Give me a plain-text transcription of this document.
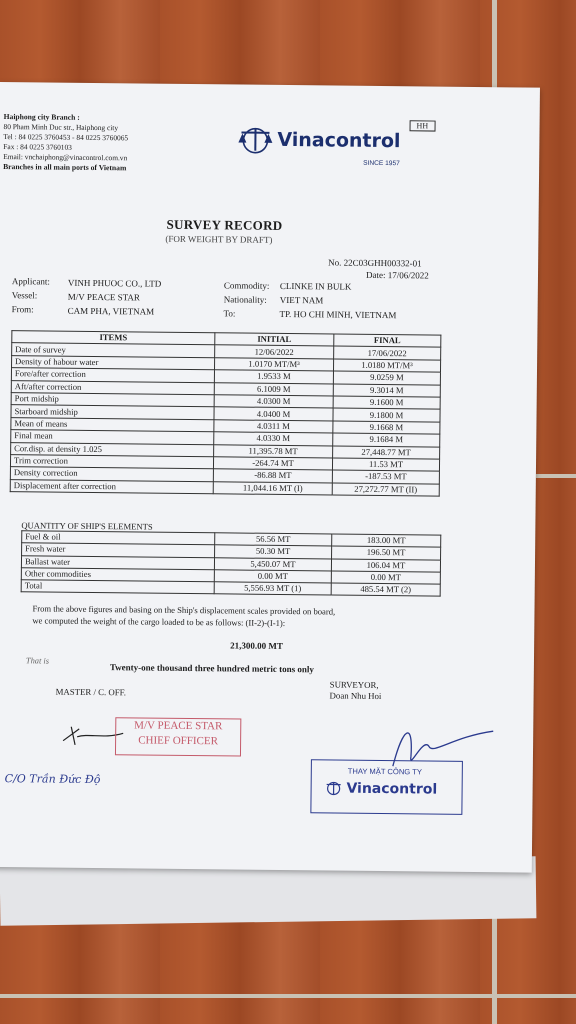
Haiphong city Branch :
80 Pham Minh Duc str., Haiphong city
Tel : 84 0225 3760453 - 84 0225 3760065
Fax : 84 0225 3760103
Email: vnchaiphong@vinacontrol.com.vn
Branches in all main ports of Vietnam
Vinacontrol
SINCE 1957
HH
SURVEY RECORD
(FOR WEIGHT BY DRAFT)
No. 22C03GHH00332-01
Date: 17/06/2022
Applicant: VINH PHUOC CO., LTD
Vessel:	M/V PEACE STAR
From:	CAM PHA, VIETNAM
Commodity: CLINKE IN BULK
Nationality: VIET NAM
To:	TP. HO CHI MINH, VIETNAM
ITEMS	INITIAL	FINAL
Date of survey	12/06/2022	17/06/2022
Density of habour water	1.0170 MT/M³	1.0180 MT/M³
Fore/after correction	1.9533 M	9.0259 M
Aft/after correction	6.1009 M	9.3014 M
Port midship	4.0300 M	9.1600 M
Starboard midship	4.0400 M	9.1800 M
Mean of means	4.0311 M	9.1668 M
Final mean	4.0330 M	9.1684 M
Cor.disp. at density 1.025	11,395.78 MT	27,448.77 MT
Trim correction	-264.74 MT	11.53 MT
Density correction	-86.88 MT	-187.53 MT
Displacement after correction	11,044.16 MT (I)	27,272.77 MT (II)
QUANTITY OF SHIP'S ELEMENTS
Fuel & oil	56.56 MT	183.00 MT
Fresh water	50.30 MT	196.50 MT
Ballast water	5,450.07 MT	106.04 MT
Other commodities	0.00 MT	0.00 MT
Total	5,556.93 MT (1)	485.54 MT (2)
From the above figures and basing on the Ship's displacement scales provided on board,
we computed the weight of the cargo loaded to be as follows: (II-2)-(I-1):
21,300.00 MT
That is
Twenty-one thousand three hundred metric tons only
MASTER / C. OFF.
SURVEYOR,
Doan Nhu Hoi
M/V PEACE STAR
CHIEF OFFICER
C/O Trần Đức Độ
THAY MẶT CÔNG TY
Vinacontrol
